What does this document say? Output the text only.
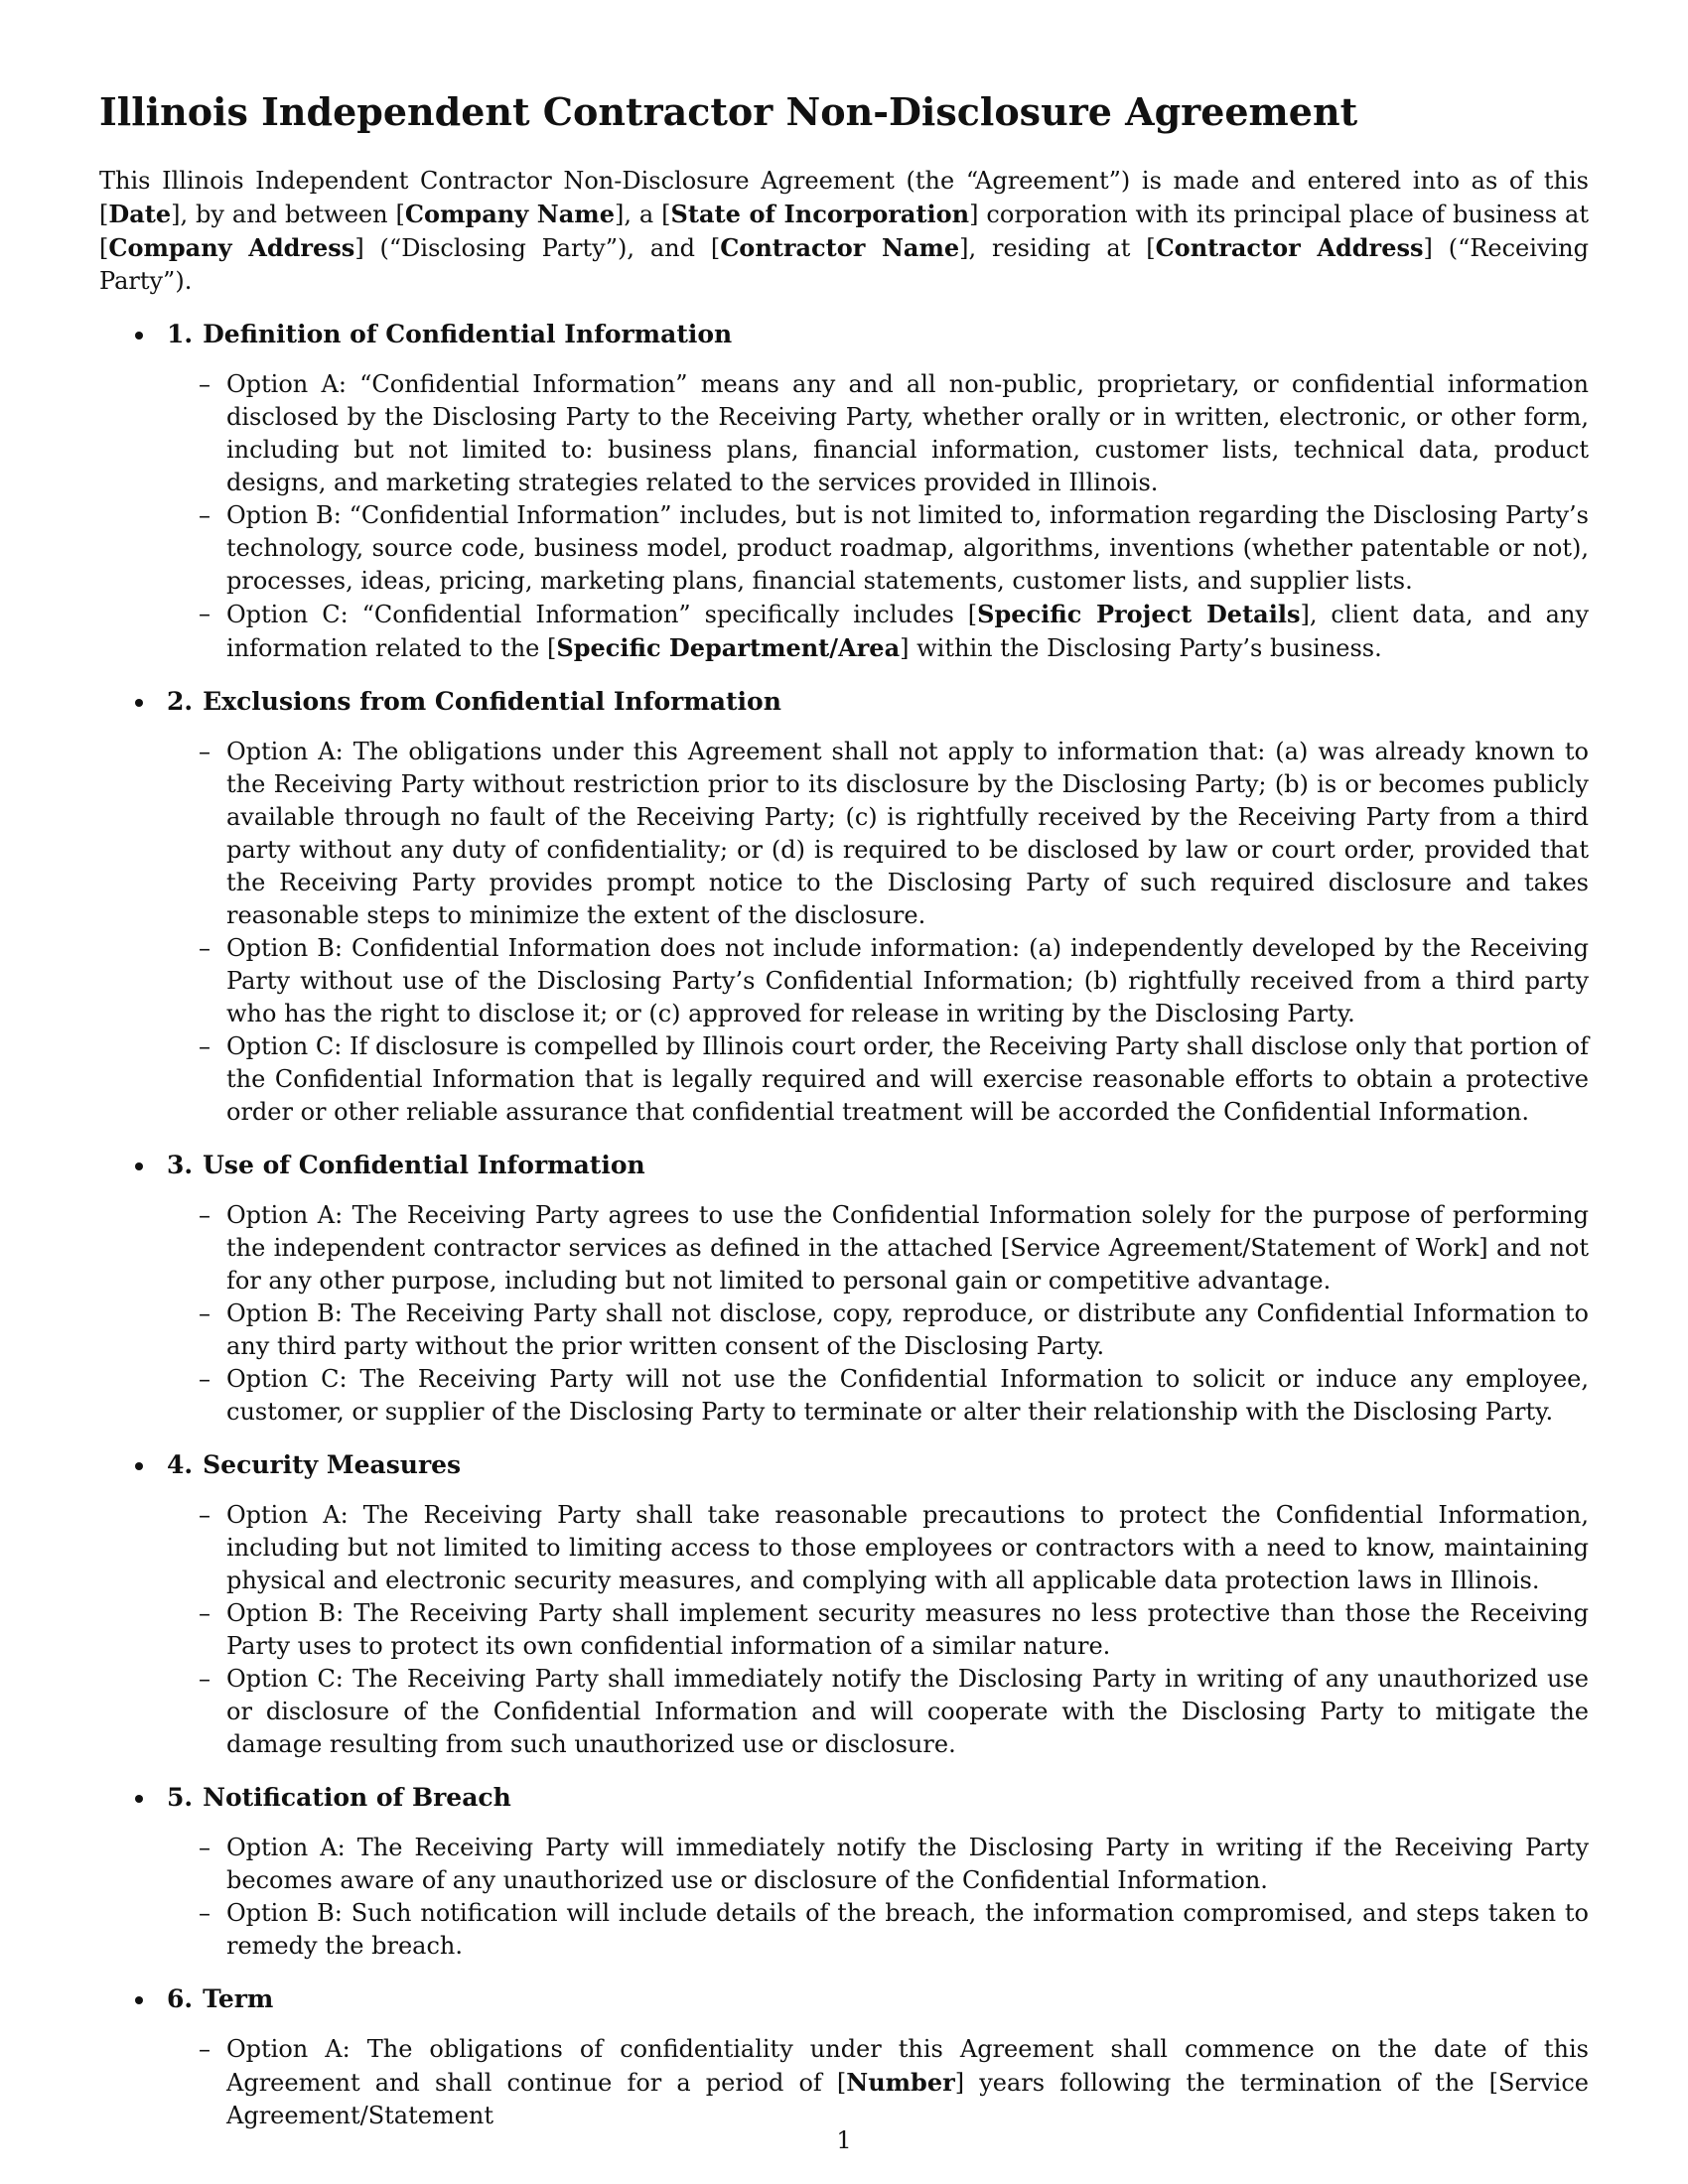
Illinois Independent Contractor Non-Disclosure Agreement

This Illinois Independent Contractor Non-Disclosure Agreement (the “Agreement”) is made and entered into as of this [Date], by and between [Company Name], a [State of Incorporation] corporation with its principal place of business at [Company Address] (“Disclosing Party”), and [Contractor Name], residing at [Contractor Address] (“Receiving Party”).

1. Definition of Confidential Information
– Option A: “Confidential Information” means any and all non-public, proprietary, or confidential information disclosed by the Disclosing Party to the Receiving Party, whether orally or in written, electronic, or other form, including but not limited to: business plans, financial information, customer lists, technical data, product designs, and marketing strategies related to the services provided in Illinois.
– Option B: “Confidential Information” includes, but is not limited to, information regarding the Disclosing Party’s technology, source code, business model, product roadmap, algorithms, inventions (whether patentable or not), processes, ideas, pricing, marketing plans, financial statements, customer lists, and supplier lists.
– Option C: “Confidential Information” specifically includes [Specific Project Details], client data, and any information related to the [Specific Department/Area] within the Disclosing Party’s business.
2. Exclusions from Confidential Information
– Option A: The obligations under this Agreement shall not apply to information that: (a) was already known to the Receiving Party without restriction prior to its disclosure by the Disclosing Party; (b) is or becomes publicly available through no fault of the Receiving Party; (c) is rightfully received by the Receiving Party from a third party without any duty of confidentiality; or (d) is required to be disclosed by law or court order, provided that the Receiving Party provides prompt notice to the Disclosing Party of such required disclosure and takes reasonable steps to minimize the extent of the disclosure.
– Option B: Confidential Information does not include information: (a) independently developed by the Receiving Party without use of the Disclosing Party’s Confidential Information; (b) rightfully received from a third party who has the right to disclose it; or (c) approved for release in writing by the Disclosing Party.
– Option C: If disclosure is compelled by Illinois court order, the Receiving Party shall disclose only that portion of the Confidential Information that is legally required and will exercise reasonable efforts to obtain a protective order or other reliable assurance that confidential treatment will be accorded the Confidential Information.
3. Use of Confidential Information
– Option A: The Receiving Party agrees to use the Confidential Information solely for the purpose of performing the independent contractor services as defined in the attached [Service Agreement/Statement of Work] and not for any other purpose, including but not limited to personal gain or competitive advantage.
– Option B: The Receiving Party shall not disclose, copy, reproduce, or distribute any Confidential Information to any third party without the prior written consent of the Disclosing Party.
– Option C: The Receiving Party will not use the Confidential Information to solicit or induce any employee, customer, or supplier of the Disclosing Party to terminate or alter their relationship with the Disclosing Party.
4. Security Measures
– Option A: The Receiving Party shall take reasonable precautions to protect the Confidential Information, including but not limited to limiting access to those employees or contractors with a need to know, maintaining physical and electronic security measures, and complying with all applicable data protection laws in Illinois.
– Option B: The Receiving Party shall implement security measures no less protective than those the Receiving Party uses to protect its own confidential information of a similar nature.
– Option C: The Receiving Party shall immediately notify the Disclosing Party in writing of any unauthorized use or disclosure of the Confidential Information and will cooperate with the Disclosing Party to mitigate the damage resulting from such unauthorized use or disclosure.
5. Notification of Breach
– Option A: The Receiving Party will immediately notify the Disclosing Party in writing if the Receiving Party becomes aware of any unauthorized use or disclosure of the Confidential Information.
– Option B: Such notification will include details of the breach, the information compromised, and steps taken to remedy the breach.
6. Term
– Option A: The obligations of confidentiality under this Agreement shall commence on the date of this Agreement and shall continue for a period of [Number] years following the termination of the [Service Agreement/Statement
1
